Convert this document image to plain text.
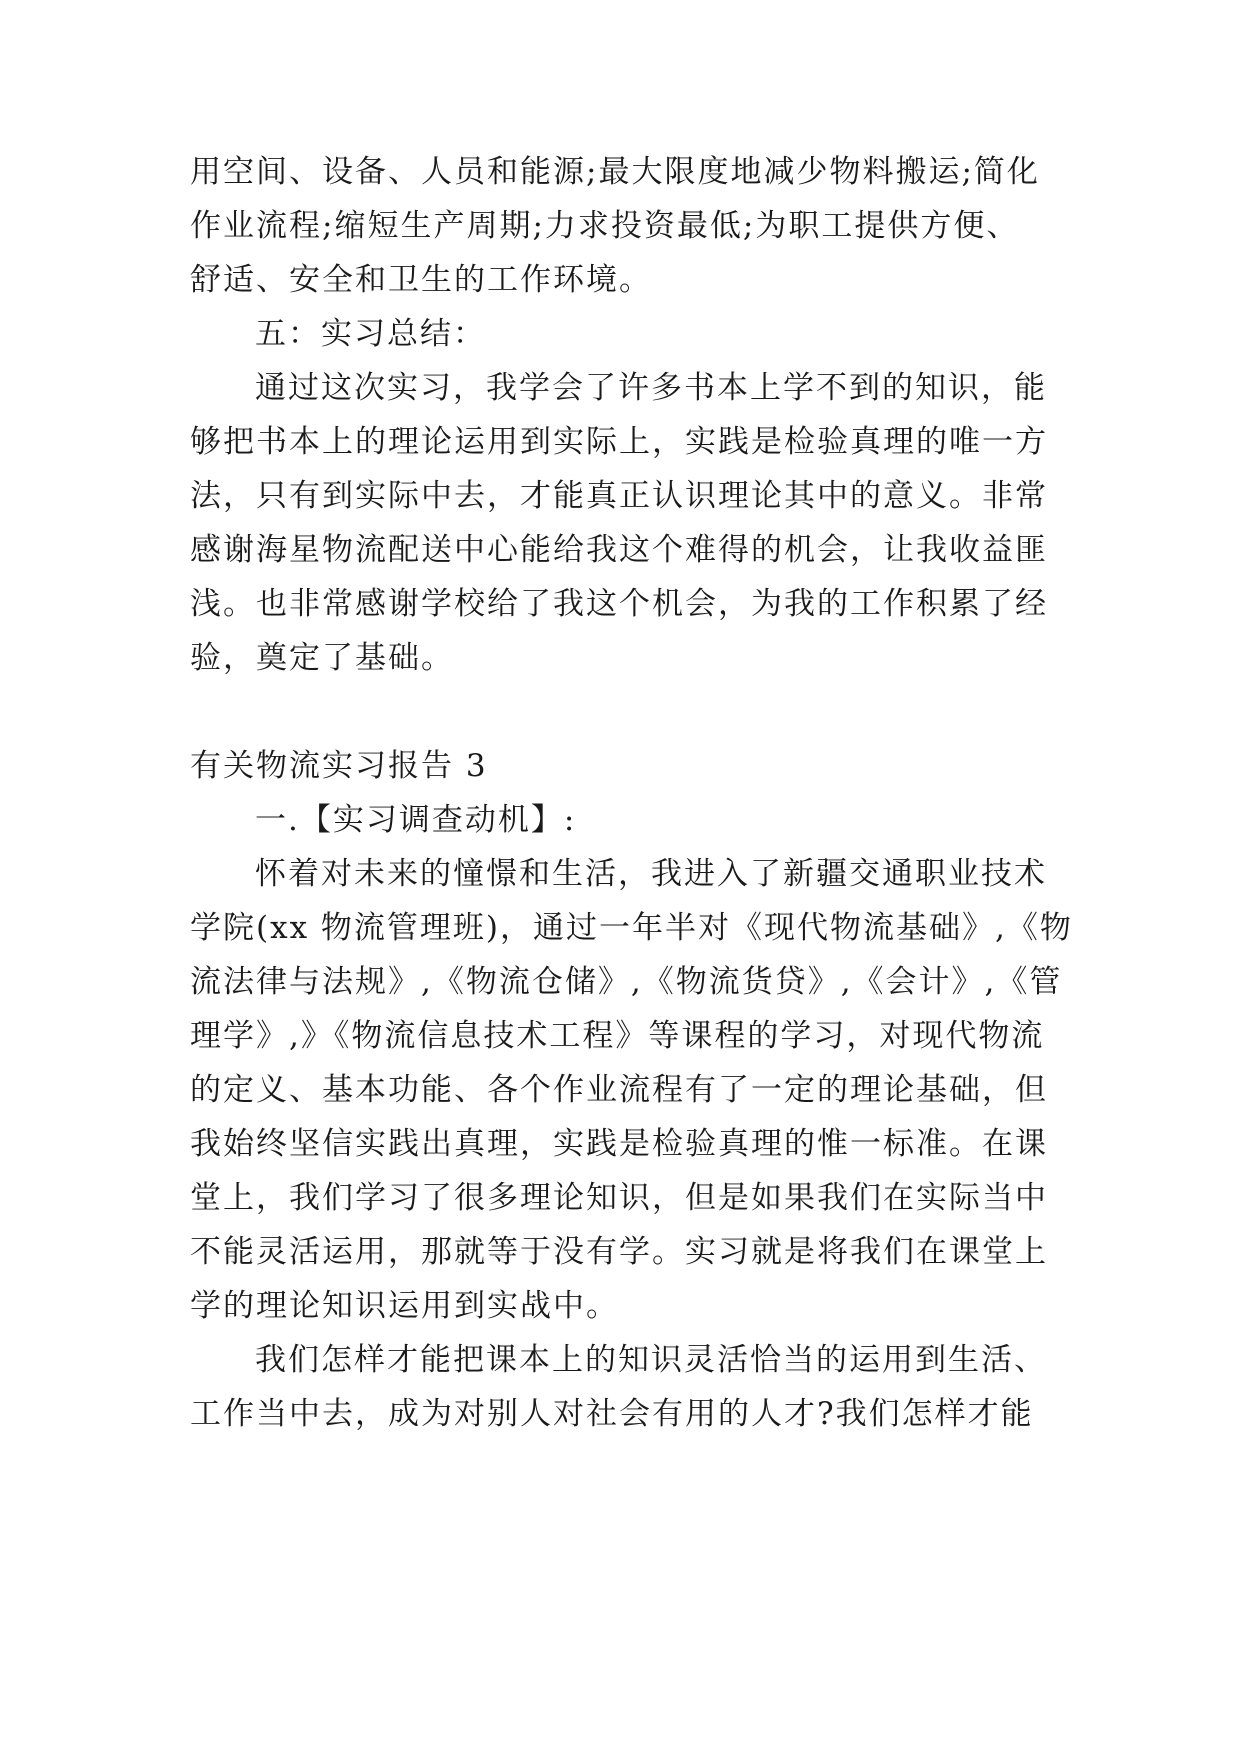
用空间、设备、人员和能源;最大限度地减少物料搬运;简化
作业流程;缩短生产周期;力求投资最低;为职工提供方便、
舒适、安全和卫生的工作环境。
五：实习总结：
通过这次实习，我学会了许多书本上学不到的知识，能
够把书本上的理论运用到实际上，实践是检验真理的唯一方
法，只有到实际中去，才能真正认识理论其中的意义。非常
感谢海星物流配送中心能给我这个难得的机会，让我收益匪
浅。也非常感谢学校给了我这个机会，为我的工作积累了经
验，奠定了基础。
有关物流实习报告 3
一.【实习调查动机】:
怀着对未来的憧憬和生活，我进入了新疆交通职业技术
学院(xx 物流管理班)，通过一年半对《现代物流基础》,《物
流法律与法规》,《物流仓储》,《物流货贷》,《会计》,《管
理学》,》《物流信息技术工程》等课程的学习，对现代物流
的定义、基本功能、各个作业流程有了一定的理论基础，但
我始终坚信实践出真理，实践是检验真理的惟一标准。在课
堂上，我们学习了很多理论知识，但是如果我们在实际当中
不能灵活运用，那就等于没有学。实习就是将我们在课堂上
学的理论知识运用到实战中。
我们怎样才能把课本上的知识灵活恰当的运用到生活、
工作当中去，成为对别人对社会有用的人才?我们怎样才能
